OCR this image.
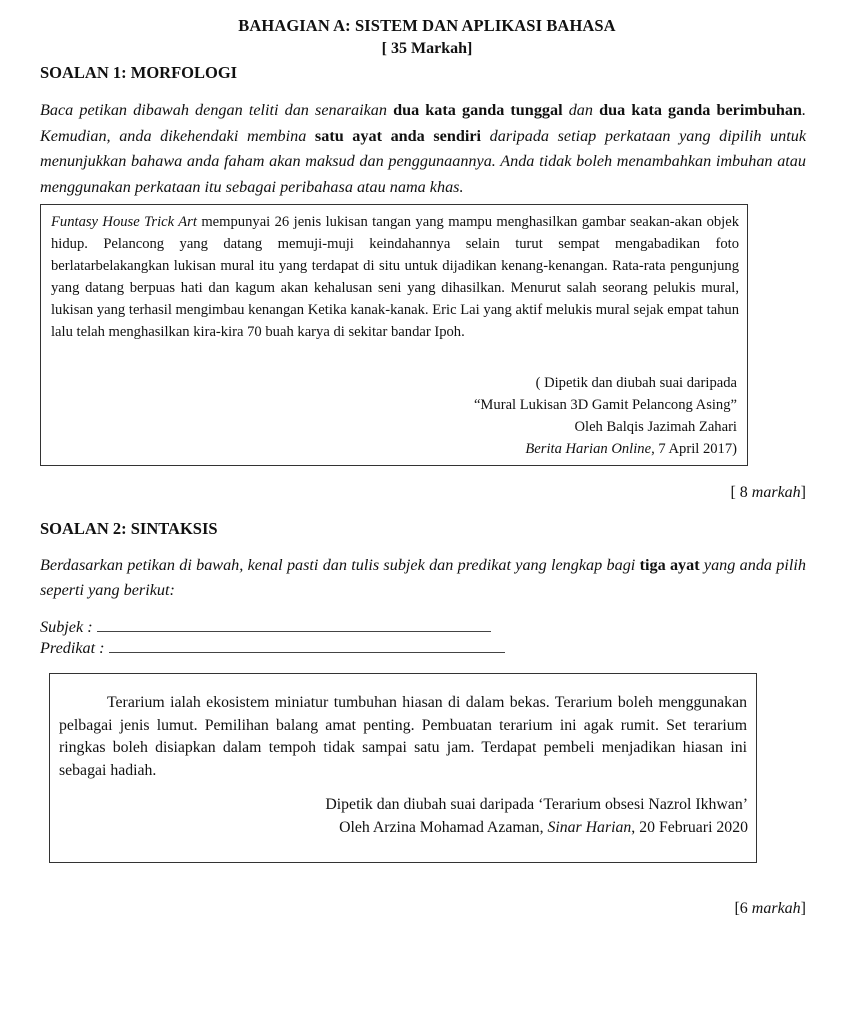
BAHAGIAN A: SISTEM DAN APLIKASI BAHASA
[ 35 Markah]
SOALAN 1: MORFOLOGI
Baca petikan dibawah dengan teliti dan senaraikan dua kata ganda tunggal dan dua kata ganda berimbuhan. Kemudian, anda dikehendaki membina satu ayat anda sendiri daripada setiap perkataan yang dipilih untuk menunjukkan bahawa anda faham akan maksud dan penggunaannya. Anda tidak boleh menambahkan imbuhan atau menggunakan perkataan itu sebagai peribahasa atau nama khas.
Funtasy House Trick Art mempunyai 26 jenis lukisan tangan yang mampu menghasilkan gambar seakan-akan objek hidup. Pelancong yang datang memuji-muji keindahannya selain turut sempat mengabadikan foto berlatarbelakangkan lukisan mural itu yang terdapat di situ untuk dijadikan kenang-kenangan. Rata-rata pengunjung yang datang berpuas hati dan kagum akan kehalusan seni yang dihasilkan. Menurut salah seorang pelukis mural, lukisan yang terhasil mengimbau kenangan Ketika kanak-kanak. Eric Lai yang aktif melukis mural sejak empat tahun lalu telah menghasilkan kira-kira 70 buah karya di sekitar bandar Ipoh.
( Dipetik dan diubah suai daripada
“Mural Lukisan 3D Gamit Pelancong Asing”
Oleh Balqis Jazimah Zahari
Berita Harian Online, 7 April 2017)
[ 8 markah]
SOALAN 2: SINTAKSIS
Berdasarkan petikan di bawah, kenal pasti dan tulis subjek dan predikat yang lengkap bagi tiga ayat yang anda pilih seperti yang berikut:
Subjek :
Predikat :
Terarium ialah ekosistem miniatur tumbuhan hiasan di dalam bekas. Terarium boleh menggunakan pelbagai jenis lumut. Pemilihan balang amat penting. Pembuatan terarium ini agak rumit. Set terarium ringkas boleh disiapkan dalam tempoh tidak sampai satu jam. Terdapat pembeli menjadikan hiasan ini sebagai hadiah.
Dipetik dan diubah suai daripada ‘Terarium obsesi Nazrol Ikhwan’
Oleh Arzina Mohamad Azaman, Sinar Harian, 20 Februari 2020
[6 markah]
